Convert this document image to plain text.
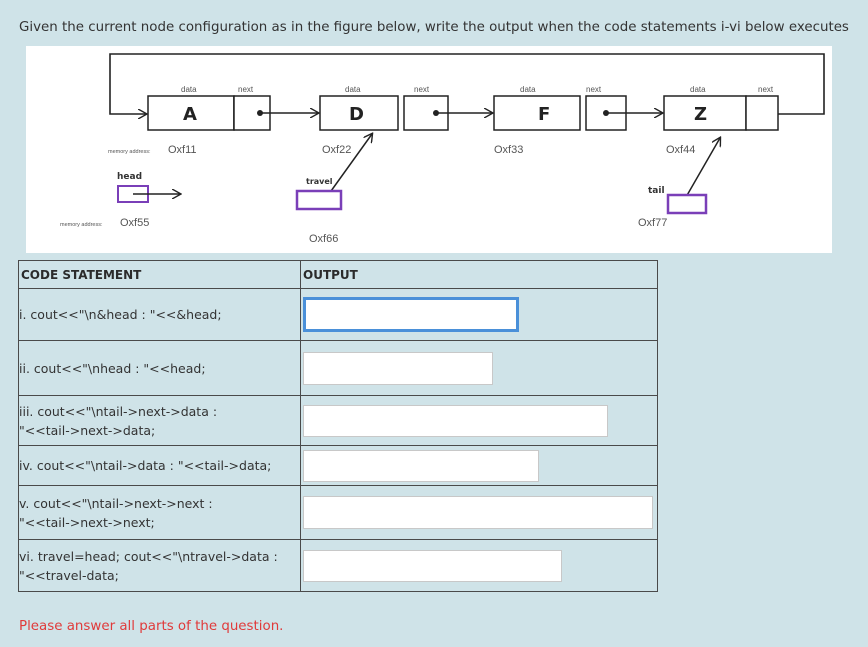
Given the current node configuration as in the figure below, write the output when the code statements i-vi below executes
data	next	data	next	data	next	data	next
A	D	F	Z
memory address: Oxf11	Oxf22	Oxf33	Oxf44
head
memory address: Oxf55
travel
Oxf66
tail
Oxf77
CODE STATEMENT	OUTPUT

i. cout<<"\n&head : "<<&head;

ii. cout<<"\nhead : "<<head;

iii. cout<<"\ntail->next->data :
"<<tail->next->data;

iv. cout<<"\ntail->data : "<<tail->data;

v. cout<<"\ntail->next->next :
"<<tail->next->next;

vi. travel=head; cout<<"\ntravel->data :
"<<travel-data;

Please answer all parts of the question.
